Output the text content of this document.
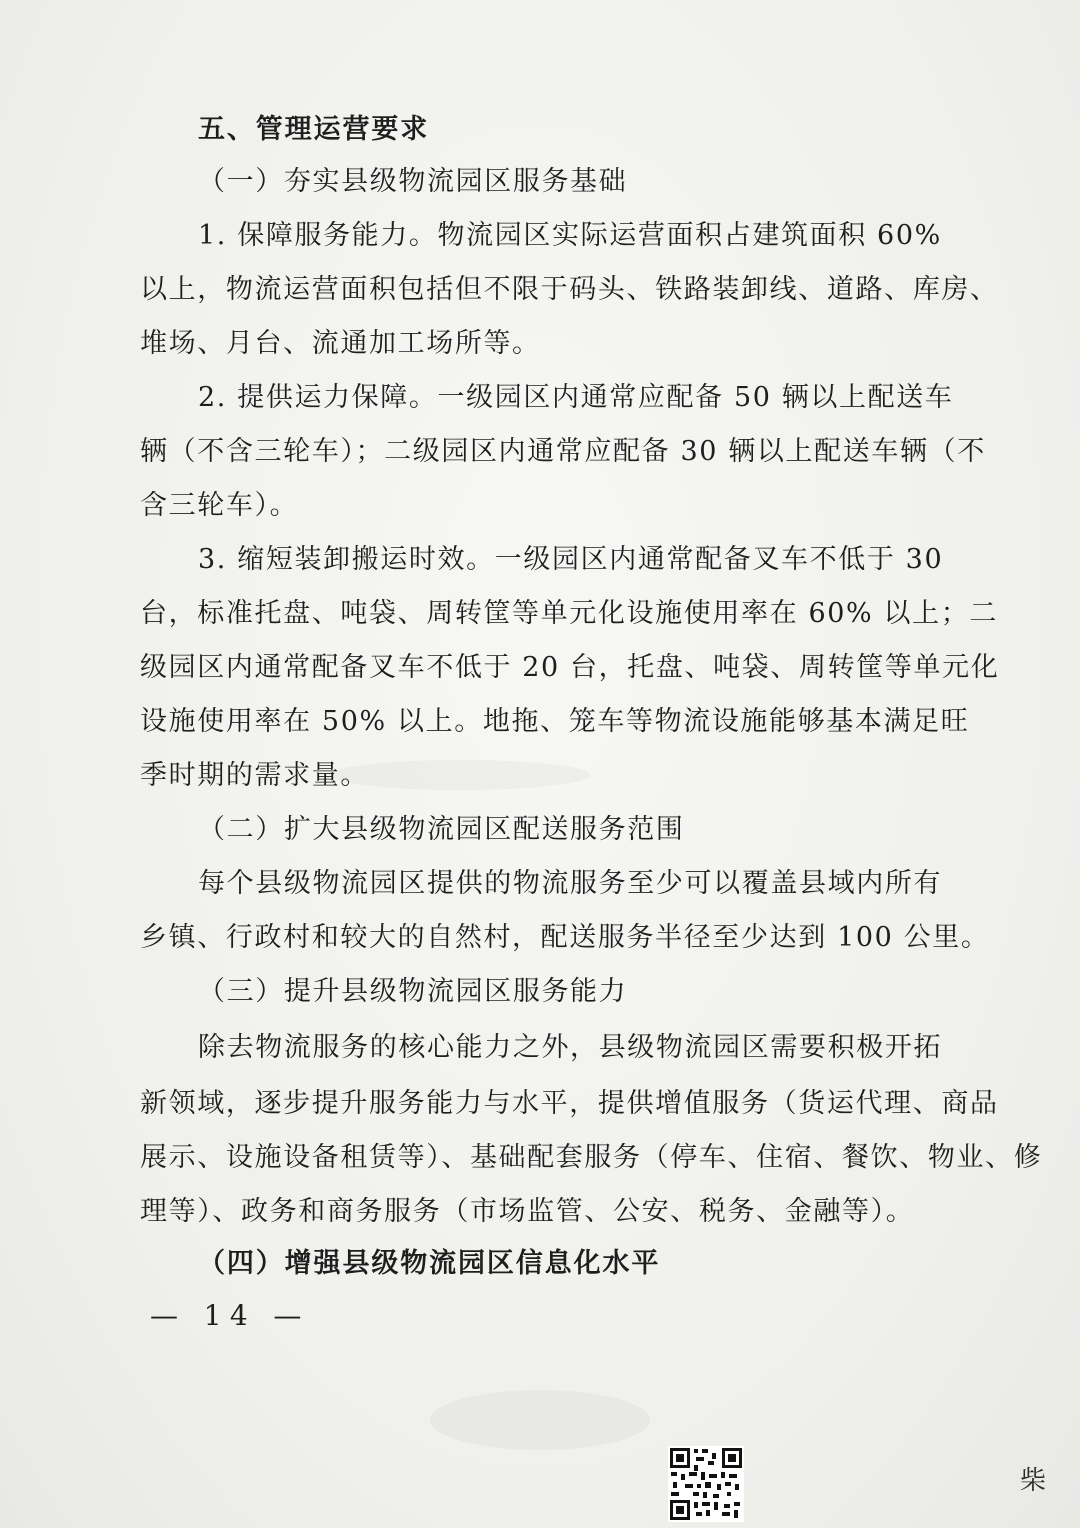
五、管理运营要求
（一）夯实县级物流园区服务基础
1. 保障服务能力。物流园区实际运营面积占建筑面积 60%
以上，物流运营面积包括但不限于码头、铁路装卸线、道路、库房、
堆场、月台、流通加工场所等。
2. 提供运力保障。一级园区内通常应配备 50 辆以上配送车
辆（不含三轮车）；二级园区内通常应配备 30 辆以上配送车辆（不
含三轮车）。
3. 缩短装卸搬运时效。一级园区内通常配备叉车不低于 30
台，标准托盘、吨袋、周转筐等单元化设施使用率在 60% 以上；二
级园区内通常配备叉车不低于 20 台，托盘、吨袋、周转筐等单元化
设施使用率在 50% 以上。地拖、笼车等物流设施能够基本满足旺
季时期的需求量。
（二）扩大县级物流园区配送服务范围
每个县级物流园区提供的物流服务至少可以覆盖县域内所有
乡镇、行政村和较大的自然村，配送服务半径至少达到 100 公里。
（三）提升县级物流园区服务能力
除去物流服务的核心能力之外，县级物流园区需要积极开拓
新领域，逐步提升服务能力与水平，提供增值服务（货运代理、商品
展示、设施设备租赁等）、基础配套服务（停车、住宿、餐饮、物业、修
理等）、政务和商务服务（市场监管、公安、税务、金融等）。
（四）增强县级物流园区信息化水平
— 14 —
柴
